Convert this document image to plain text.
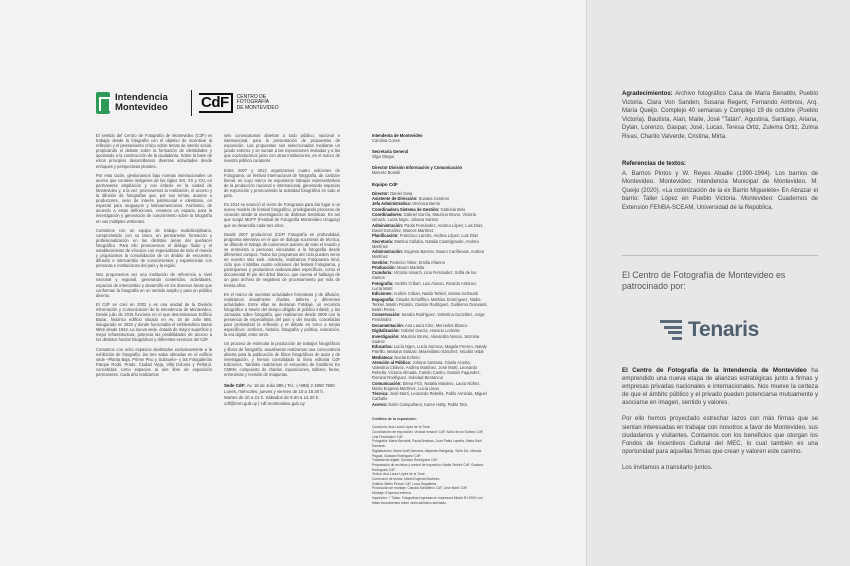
Intendencia
Montevideo CdF	CENTRO DE
FOTOGRAFÍA
DE MONTEVIDEO

El sentido del Centro de Fotografía de Montevideo (CdF) es trabajar desde la fotografía con el objetivo de incentivar la reflexión y el pensamiento crítico sobre temas de interés social, propiciando el debate sobre la formación de identidades y aportando a la construcción de la ciudadanía. Sobre la base de estos principios desarrollamos diversas actividades desde enfoques y perspectivas plurales.

Por esta razón, gestionamos bajo normas internacionales un acervo que contiene imágenes de los siglos XIX, XX y XXI, en permanente ampliación y con énfasis en la ciudad de Montevideo y, a la vez, promovemos la realización, el acceso y la difusión de fotografías que, por sus temas, autores o productores, sean de interés patrimonial e identitario, en especial para uruguayos y latinoamericanos. Asimismo, de acuerdo a estas definiciones, creamos un espacio para la investigación y generación de conocimiento sobre la fotografía en sus múltiples vertientes.

Contamos con un equipo de trabajo multidisciplinario, comprometido con su tarea, en permanente formación y profesionalización en las distintas áreas del quehacer fotográfico. Para ello promovemos el diálogo fluido y el establecimiento de vínculos con especialistas de todo el mundo y propiciamos la consolidación de un ámbito de encuentro, difusión e intercambio de conocimientos y experiencias con personas e instituciones del país y la región.

Nos proponemos ser una institución de referencia a nivel nacional y regional, generando contenidos, actividades, espacios de intercambio y desarrollo en los diversos áreas que conforman la fotografía en un sentido amplio y para un público diverso.

El CdF se creó en 2002 y es una unidad de la División Información y Comunicación de la Intendencia de Montevideo. Desde julio de 2015 funciona en el que denominamos Edificio Bazar, histórico edificio situado en Av. 18 de Julio 885, inaugurado en 2932 y donde funcionaba el emblemático Bazar Mitre desde 1943. La nueva sede, dotada de mayor superficie y mejor infraestructura, potencia las posibilidades de acceso a los distintos fondos fotográficos y diferentes servicios del CdF.

Contamos con ocho espacios destinados exclusivamente a la exhibición de fotografía: las tres salas ubicadas en el edificio sede –Planta Baja, Primer Piso y Subsuelo– y las Fotogalerías Parque Rodó, Prado, Ciudad Vieja, Villa Dolores y Peñarol, concebidas como espacios al aire libre de exposición permanente. Cada año realizamos

seis convocatorias abiertas a todo público, nacional e internacional, para la presentación de propuestas de exposición. Las propuestas son seleccionadas mediante un jurado externo y se suman a las exposiciones invitadas y a las que coproducimos junto con otras instituciones, en el marco de nuestra política curatorial.

Entre 2007 y 2013 organizamos cuatro ediciones de Fotograma, un festival internacional de fotografía, de carácter bienal, en cuyo marco se expusieron trabajos representativos de la producción nacional e internacional, generando espacios de exposición y promoviendo la actividad fotográfica en todo el país.

En 2014 se anunció el cierre de Fotograma para dar lugar a un nuevo modelo de festival fotográfico, privilegiando procesos de creación desde la investigación de distintas temáticas. Es así que surgió MUFF (Festival de Fotografía Montevideo Uruguay) que se desarrolla cada tres años.

Desde 2007 producimos jCDF! Fotografía en profundidad, programa televisivo en el que se dialoga sucesivas de técnica, se difunde el trabajo de numerosos autores de todo el mundo y se entrevista a personas vinculadas a la fotografía desde diferentes campos. Todos los programas del ciclo pueden verse en nuestro sitio web. Además, realizamos Fotopuesta kmd, ciclo que n´abrillas cuatro ediciones del festival Fotograma, y participamos y producimos audiovisuales específicos, como el documental El pie del árbol blanco, que cuenta el hallazgo de un gran archivo de negativos de procesamiento por más de treinta años.

En el marco de nuestras actividades formativas y de difusión, realizamos anualmente charlas, talleres y diferentes actividades. Entre ellas se destacan Fotolaje, un recorrido fotográfico a través del tiempo dirigido al público infantil, y las Jornadas sobre fotografía, que realizamos desde 2009 con la presencia de especialistas del país y del mundo, concebidas para profundizar la reflexión y el debate en torno a temas específicos: archivos, historia, fotografía y política, educación, la era digital, entre otros.

Un proceso de estimular la producción de trabajos fotográficos y libros de fotografía, anualmente realizamos una convocatoria abierta para la publicación de libros fotográficos de autor y de investigación, y hemos consolidado la línea editorial CdF Ediciones. También realizamos el encuentro de fotolibros En CMMV, compuesto de charlas, exposiciones, talleres, ferias, entrevistas y revisión de maquetas.

Sede CdF: Av. 18 de Julio 885 | Tel.: (+598) 2 1950 7960
Lunes, miércoles, jueves y viernes de 10 a 19.30 h.
Martes de 10 a 21 h. Sábados de 9.30 a 14.30 h.
cdf@imm.gub.uy | cdf.montevideo.gub.uy
Intendenta de Montevideo
Carolina Cosse
Secretaria General
Olga Otegui
Director División Información y Comunicación
Marcelo Bonelli
Equipo CdF
Director: Daniel Sosa
Asistente de Dirección: Susana Centeno
Jefa Administrativa: Verónica Berrie
Coordinadora Sistema de Gestión: Gabriela Belo
Coordinadores: Gabriel García, Mauricio Bruno, Victoria Ismach, Lucía Nigro, Johana Santos
Administración: Paola Fernández, Andrea López, Luis Díaz, David González, Marcos Martínez
Planificación: Francisco Landro, Andrea López, Luis Díaz
Secretaría: Martina Callaba, Natalia Castelgrande, Andrea Martínez
Administración: Eugenia Barreto, Mauro Caríñenais, Andrea Martínez
Gestión: Federico Toker, Emilia Añanno
Producción: Mauro Martella
Curaduría: Victoria Ismach, Lina Fernández, Sofía de los Santos
Fotografía: Andrés Cribari, Luis Alonso, Ricardo Antúnez, Lucía Martí
Ediciones: Andrés Cribari, Nadia Terkiel, Vanina Inchausti
Espografía: Claudia Schiaffino, Mathías Domínguez, Nadia Terkiel, Martín Picardo, Gastón Rodríguez, Guillermo Giansanti, Belén Perna
Conservación: Sandra Rodríguez, Valentina González, Jorge Fernández
Documentación: Ana Laura Cirio, Mercedes Blanco
Digitalización: Gabriel García, Horacio Loriente
Investigación: Mauricio Bruno, Alexandra Novoa, Jazmina Suárez
Educativa: Lucía Nigro, Lucía Surroca, Magela Ferrero, Nataly Parrillo, Mariana Salazar, Maximiliano Sánchez, Nicolás Vidal
Mediateca: Noelia Echeto
Atención al Público: Johana Santana, Gisela Acosta, Valentina Chávez, Andrea Martínez, José Martí, Leonardo Rebella, Victoria Almada, Camilo Castro, Gastón Fagundez, Romina Rodríguez, Soledad Bentancur
Comunicación: Elena Frizi, Natalia Mardero, Laura Núñez, María Eugenia Martínez, Lucía Llano
Técnica: José Martí, Leonardo Rebella, Pablo Arminda, Miguel Carballo
Acervo: Darío Campañano, Karen Hatty, Pablo Tato
Créditos de la exposición:
Curaduría: Ana Laura López de la Torre.
Coordinación de exposición: Victoria Ismach/ CdF, Sofía de los Santos/ CdF, Lina Fernández/ CdF.
Fotografía: María Benabbi, Paola Bresbau, Juan Pablo Lapeña, Maria Noël Samarra.
Digitalización: María Noël Samarra, Alejandro Barigalup, Sofía Diz, Manola Pagola, Gustavo Rodríguez/ CdF.
Tratamiento digital: Gustavo Rodríguez/ CdF.
Preparación de archivos y control de impresión: Nadia Terkiel/ CdF, Gustavo Rodríguez/ CdF.
Textos: Ana Laura López de la Torre.
Corrección de textos: María Eugenia Martínez.
Gráfica: Belén Perna/ CdF, Lucía Segalerba.
Producción de montaje: Claudia Schiaffino/ CdF, José Martí/ CdF.
Montaje: Empresa externa.
Impresión: + Tintas. Fotografías impresas en impresora Mutoh RJ-900X con tintas ecosolventes sobre vinilo adhesivo laminado.
Agradecimientos: Archivo fotográfico Casa de María Benabbi, Pueblo Victoria. Clara Von Sanden, Susana Regent, Fernando Ambrosi, Arq. María Queijo. Complejo 40 semanas y Complejo 19 de octubre (Pueblo Victoria). Bautista, Alan, Maite, José "Tatán", Agustina, Santiago, Ariana, Dylan, Lorenzo, Gaspar, José, Lucas, Teresa Ortiz, Zulema Ortiz, Zulma Rivas, Charito Valverde, Cristina, Mirta.
Referencias de textos:
A. Barrios Pintos y W. Reyes Abadie (1990-1994). Los barrios de Montevideo. Montevideo: Intendencia Municipal de Montevideo. M. Queijo (2020). «La colonización de la ex Barrio Miguelete» En Abrazar el barrio: Taller López en Pueblo Victoria. Montevideo: Cuadernos de Extensión FENBA-SCEAM, Universidad de la República.
El Centro de Fotografía de Montevideo es patrocinado por:
Tenaris

El Centro de Fotografía de la Intendencia de Montevideo ha emprendido una nueva etapa de alianzas estratégicas junto a firmas y empresas privadas nacionales e internacionales. Nos mueve la certeza de que el ámbito público y el privado pueden potenciarse mutuamente y asociarse en imagen, sentido y valores.

Por ello hemos proyectado estrechar lazos con más firmas que se sientan interesadas en trabajar con nosotros a favor de Montevideo, sus ciudadanos y visitantes. Contamos con los beneficios que otorgan los Fondos de Incentivos Cultural del MEC, lo cual también es una oportunidad para aquellas firmas que crean y valoren este camino.

Los invitamos a transitarlo juntos.
